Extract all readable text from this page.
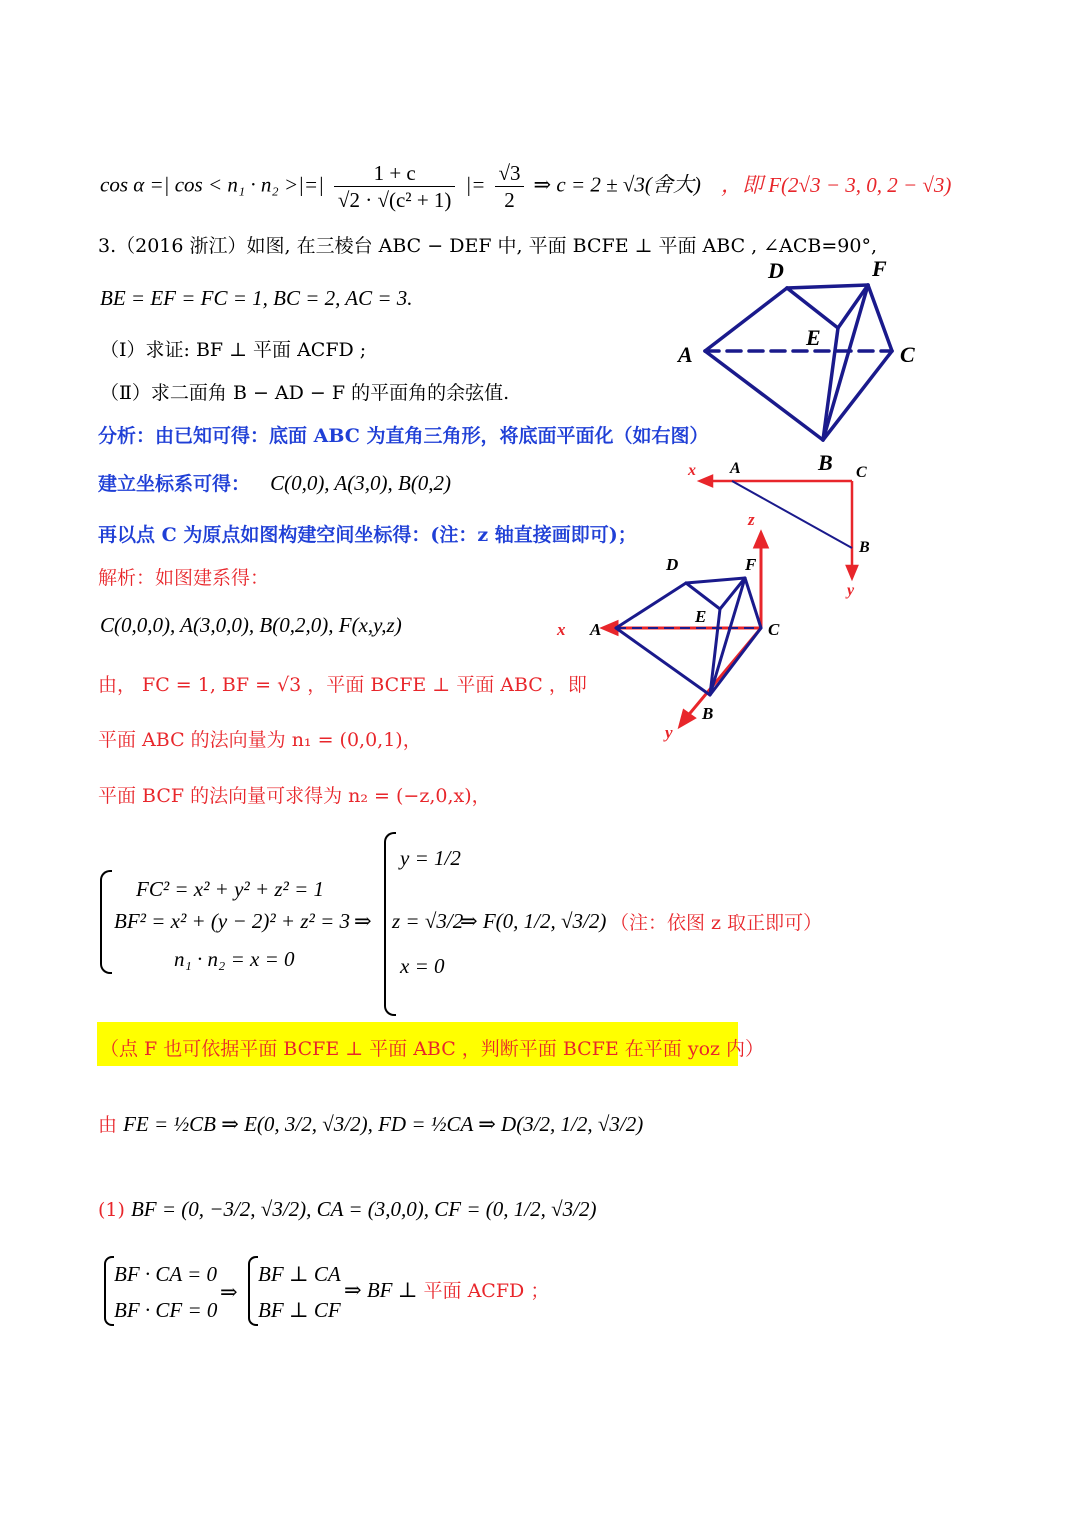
cos α =| cos < n₁ · n₂ >|=| $\frac{1 + c}{\text{√2 · √(c² + 1)}}$ |= $\frac{√3}{2}$ ⇒ c = 2 ± √3(舍大) ，即 F(2√3 − 3, 0, 2 − √3)
3.（2016 浙江）如图, 在三棱台 ABC − DEF 中, 平面 BCFE ⊥ 平面 ABC , ∠ACB=90°,
BE = EF = FC = 1, BC = 2, AC = 3.
（Ⅰ）求证: BF ⊥ 平面 ACFD ;
（Ⅱ）求二面角 B − AD − F 的平面角的余弦值.
分析：由已知可得：底面 ABC 为直角三角形，将底面平面化（如右图）
建立坐标系可得： C(0,0), A(3,0), B(0,2)
再以点 C 为原点如图构建空间坐标得：(注：z 轴直接画即可)；
解析：如图建系得：
C(0,0,0), A(3,0,0), B(0,2,0), F(x,y,z)
由， FC = 1, BF = √3 ，平面 BCFE ⊥ 平面 ABC ，即
平面 ABC 的法向量为 n₁ = (0,0,1)，
平面 BCF 的法向量可求得为 n₂ = (−z,0,x)，
FC² = x² + y² + z² = 1
BF² = x² + (y − 2)² + z² = 3
n₁ · n₂ = x = 0
⇒
y = 1/2
z = √3/2
x = 0
⇒ F(0, 1/2, √3/2) （注：依图 z 取正即可）
（点 F 也可依据平面 BCFE ⊥ 平面 ABC ，判断平面 BCFE 在平面 yoz 内）
由 FE = ½CB ⇒ E(0, 3/2, √3/2), FD = ½CA ⇒ D(3/2, 1/2, √3/2)
(1) BF = (0, −3/2, √3/2), CA = (3,0,0), CF = (0, 1/2, √3/2)
BF · CA = 0
BF · CF = 0
⇒
BF ⊥ CA
BF ⊥ CF
⇒ BF ⊥ 平面 ACFD ；
A
B
C
D
E
F
x A
B
C
y
z
D	F
E
x A	C
B
y
